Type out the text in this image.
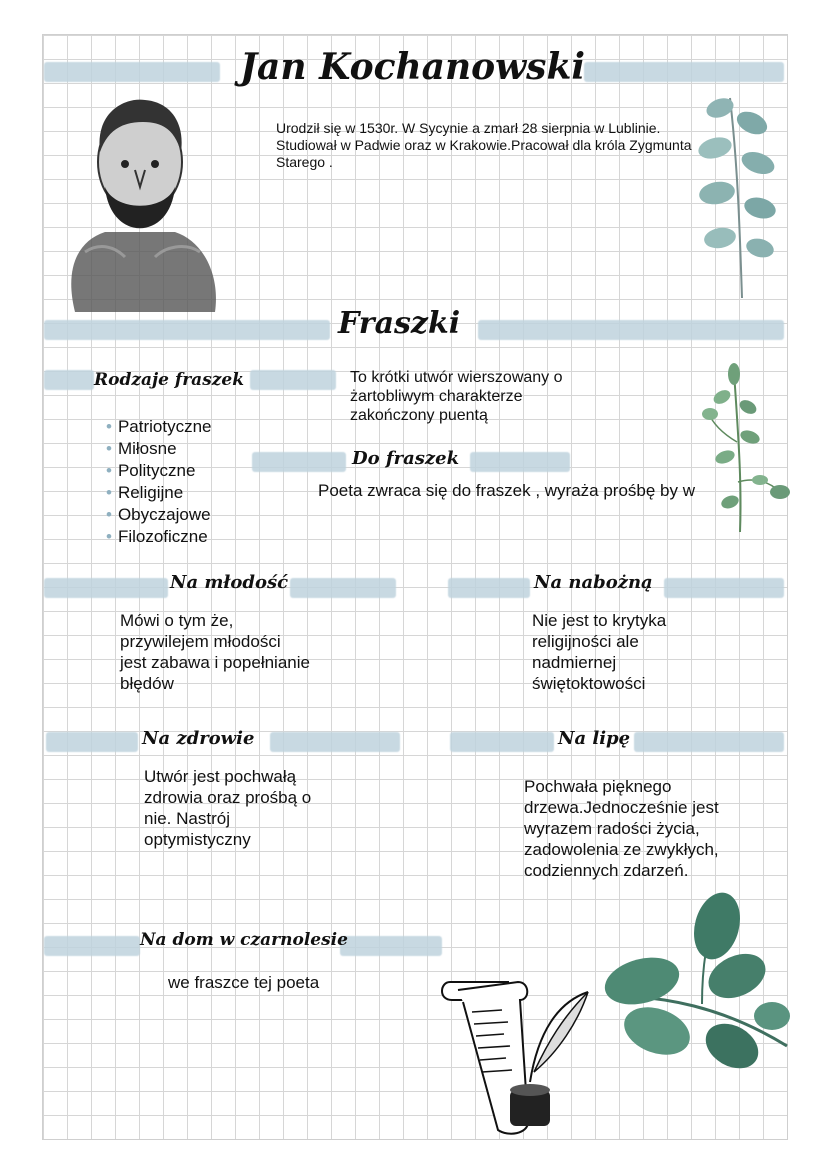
Jan Kochanowski
Urodził się w 1530r. W Sycynie a zmarł 28 sierpnia w Lublinie. Studiował w Padwie oraz w Krakowie.Pracował dla króla Zygmunta Starego .
Fraszki
Rodzaje fraszek
• Patriotyczne
• Miłosne
• Polityczne
• Religijne
• Obyczajowe
• Filozoficzne
To krótki utwór wierszowany o żartobliwym charakterze zakończony puentą
Do fraszek
Poeta zwraca się do fraszek , wyraża prośbę by w
Na młodość
Mówi o tym że, przywilejem młodości jest zabawa i popełnianie błędów
Na nabożną
Nie jest to krytyka religijności ale nadmiernej świętoktowości
Na zdrowie
Utwór jest pochwałą zdrowia oraz prośbą o nie. Nastrój optymistyczny
Na lipę
Pochwała pięknego drzewa.Jednocześnie jest wyrazem radości życia, zadowolenia ze zwykłych, codziennych zdarzeń.
Na dom w czarnolesie
we fraszce tej poeta
